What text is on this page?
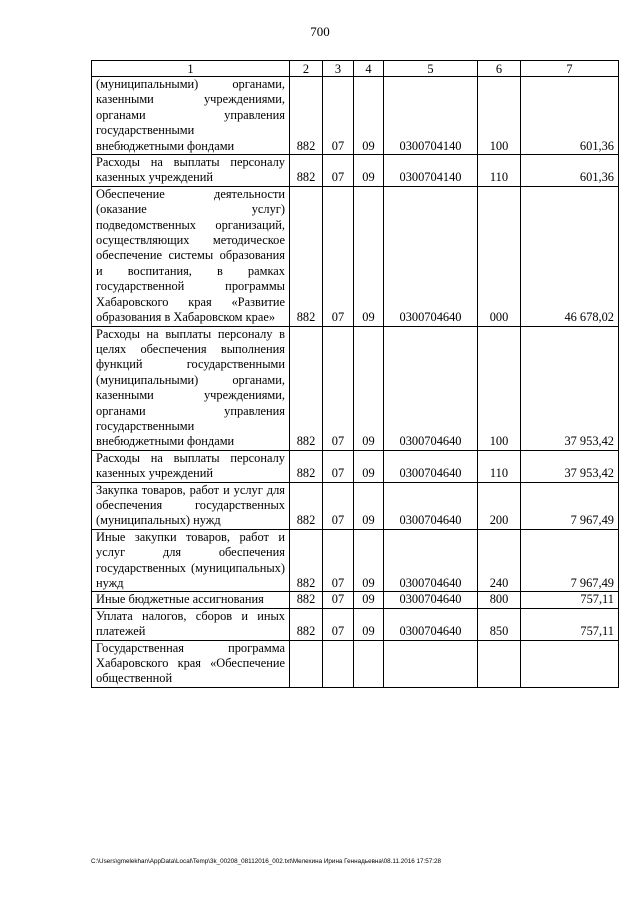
700
1	2	3	4	5	6	7
(муниципальными) органами, казенными учреждениями, органами управления государственными внебюджетными фондами	882	07	09	0300704140	100	601,36
Расходы на выплаты персоналу казенных учреждений	882	07	09	0300704140	110	601,36
Обеспечение деятельности (оказание услуг) подведомственных организаций, осуществляющих методическое обеспечение системы образования и воспитания, в рамках государственной программы Хабаровского края «Развитие образования в Хабаровском крае»	882	07	09	0300704640	000	46 678,02
Расходы на выплаты персоналу в целях обеспечения выполнения функций государственными (муниципальными) органами, казенными учреждениями, органами управления государственными внебюджетными фондами	882	07	09	0300704640	100	37 953,42
Расходы на выплаты персоналу казенных учреждений	882	07	09	0300704640	110	37 953,42
Закупка товаров, работ и услуг для обеспечения государственных (муниципальных) нужд	882	07	09	0300704640	200	7 967,49
Иные закупки товаров, работ и услуг для обеспечения государственных (муниципальных) нужд	882	07	09	0300704640	240	7 967,49
Иные бюджетные ассигнования	882	07	09	0300704640	800	757,11
Уплата налогов, сборов и иных платежей	882	07	09	0300704640	850	757,11
Государственная программа Хабаровского края «Обеспечение общественной						
C:\Users\gmelekhan\AppData\Local\Temp\3k_00208_08112016_002.txt\Мелехина Ирина Геннадьевна\08.11.2016 17:57:28
